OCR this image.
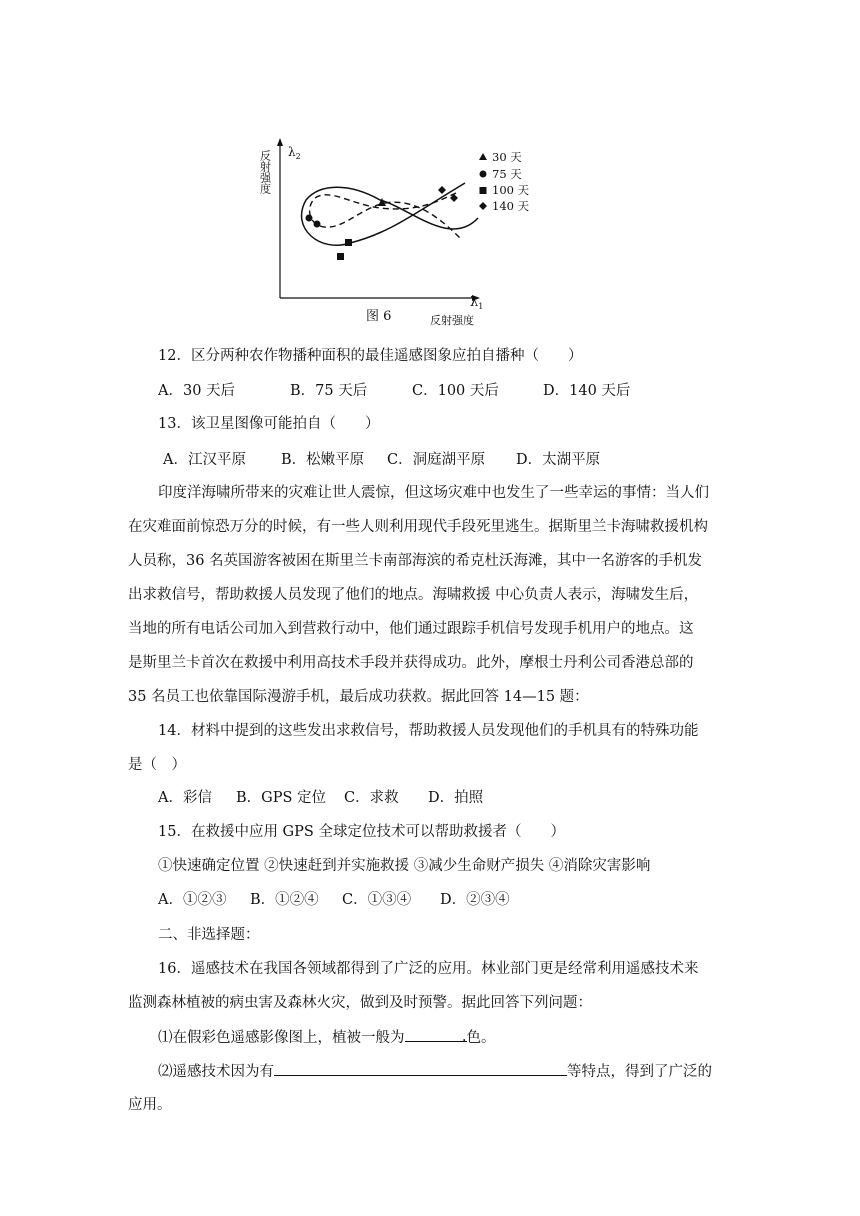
反射强度 $\lambda_2$
$\lambda_1$
图 6	反射强度
30 天
75 天
100 天
140 天
12．区分两种农作物播种面积的最佳遥感图象应拍自播种（　　）
A．30 天后	B．75 天后	C．100 天后	D．140 天后
13．该卫星图像可能拍自（　　）
A．江汉平原 B．松嫩平原 C．洞庭湖平原 D．太湖平原
印度洋海啸所带来的灾难让世人震惊，但这场灾难中也发生了一些幸运的事情：当人们
在灾难面前惊恐万分的时候，有一些人则利用现代手段死里逃生。据斯里兰卡海啸救援机构
人员称，36 名英国游客被困在斯里兰卡南部海滨的希克杜沃海滩，其中一名游客的手机发
出求救信号，帮助救援人员发现了他们的地点。海啸救援 中心负责人表示，海啸发生后，
当地的所有电话公司加入到营救行动中，他们通过跟踪手机信号发现手机用户的地点。这
是斯里兰卡首次在救援中利用高技术手段并获得成功。此外，摩根士丹利公司香港总部的
35 名员工也依靠国际漫游手机，最后成功获救。据此回答 14—15 题：
14．材料中提到的这些发出求救信号，帮助救援人员发现他们的手机具有的特殊功能
是（　）
A．彩信 B．GPS 定位 C．求救 D．拍照
15．在救援中应用 GPS 全球定位技术可以帮助救援者（　　）
①快速确定位置 ②快速赶到并实施救援 ③减少生命财产损失 ④消除灾害影响
A．①②③ B．①②④ C．①③④ D．②③④
二、非选择题：
16．遥感技术在我国各领域都得到了广泛的应用。林业部门更是经常利用遥感技术来
监测森林植被的病虫害及森林火灾，做到及时预警。据此回答下列问题：
⑴在假彩色遥感影像图上，植被一般为	. 色。
⑵遥感技术因为有	等特点，得到了广泛的
应用。
